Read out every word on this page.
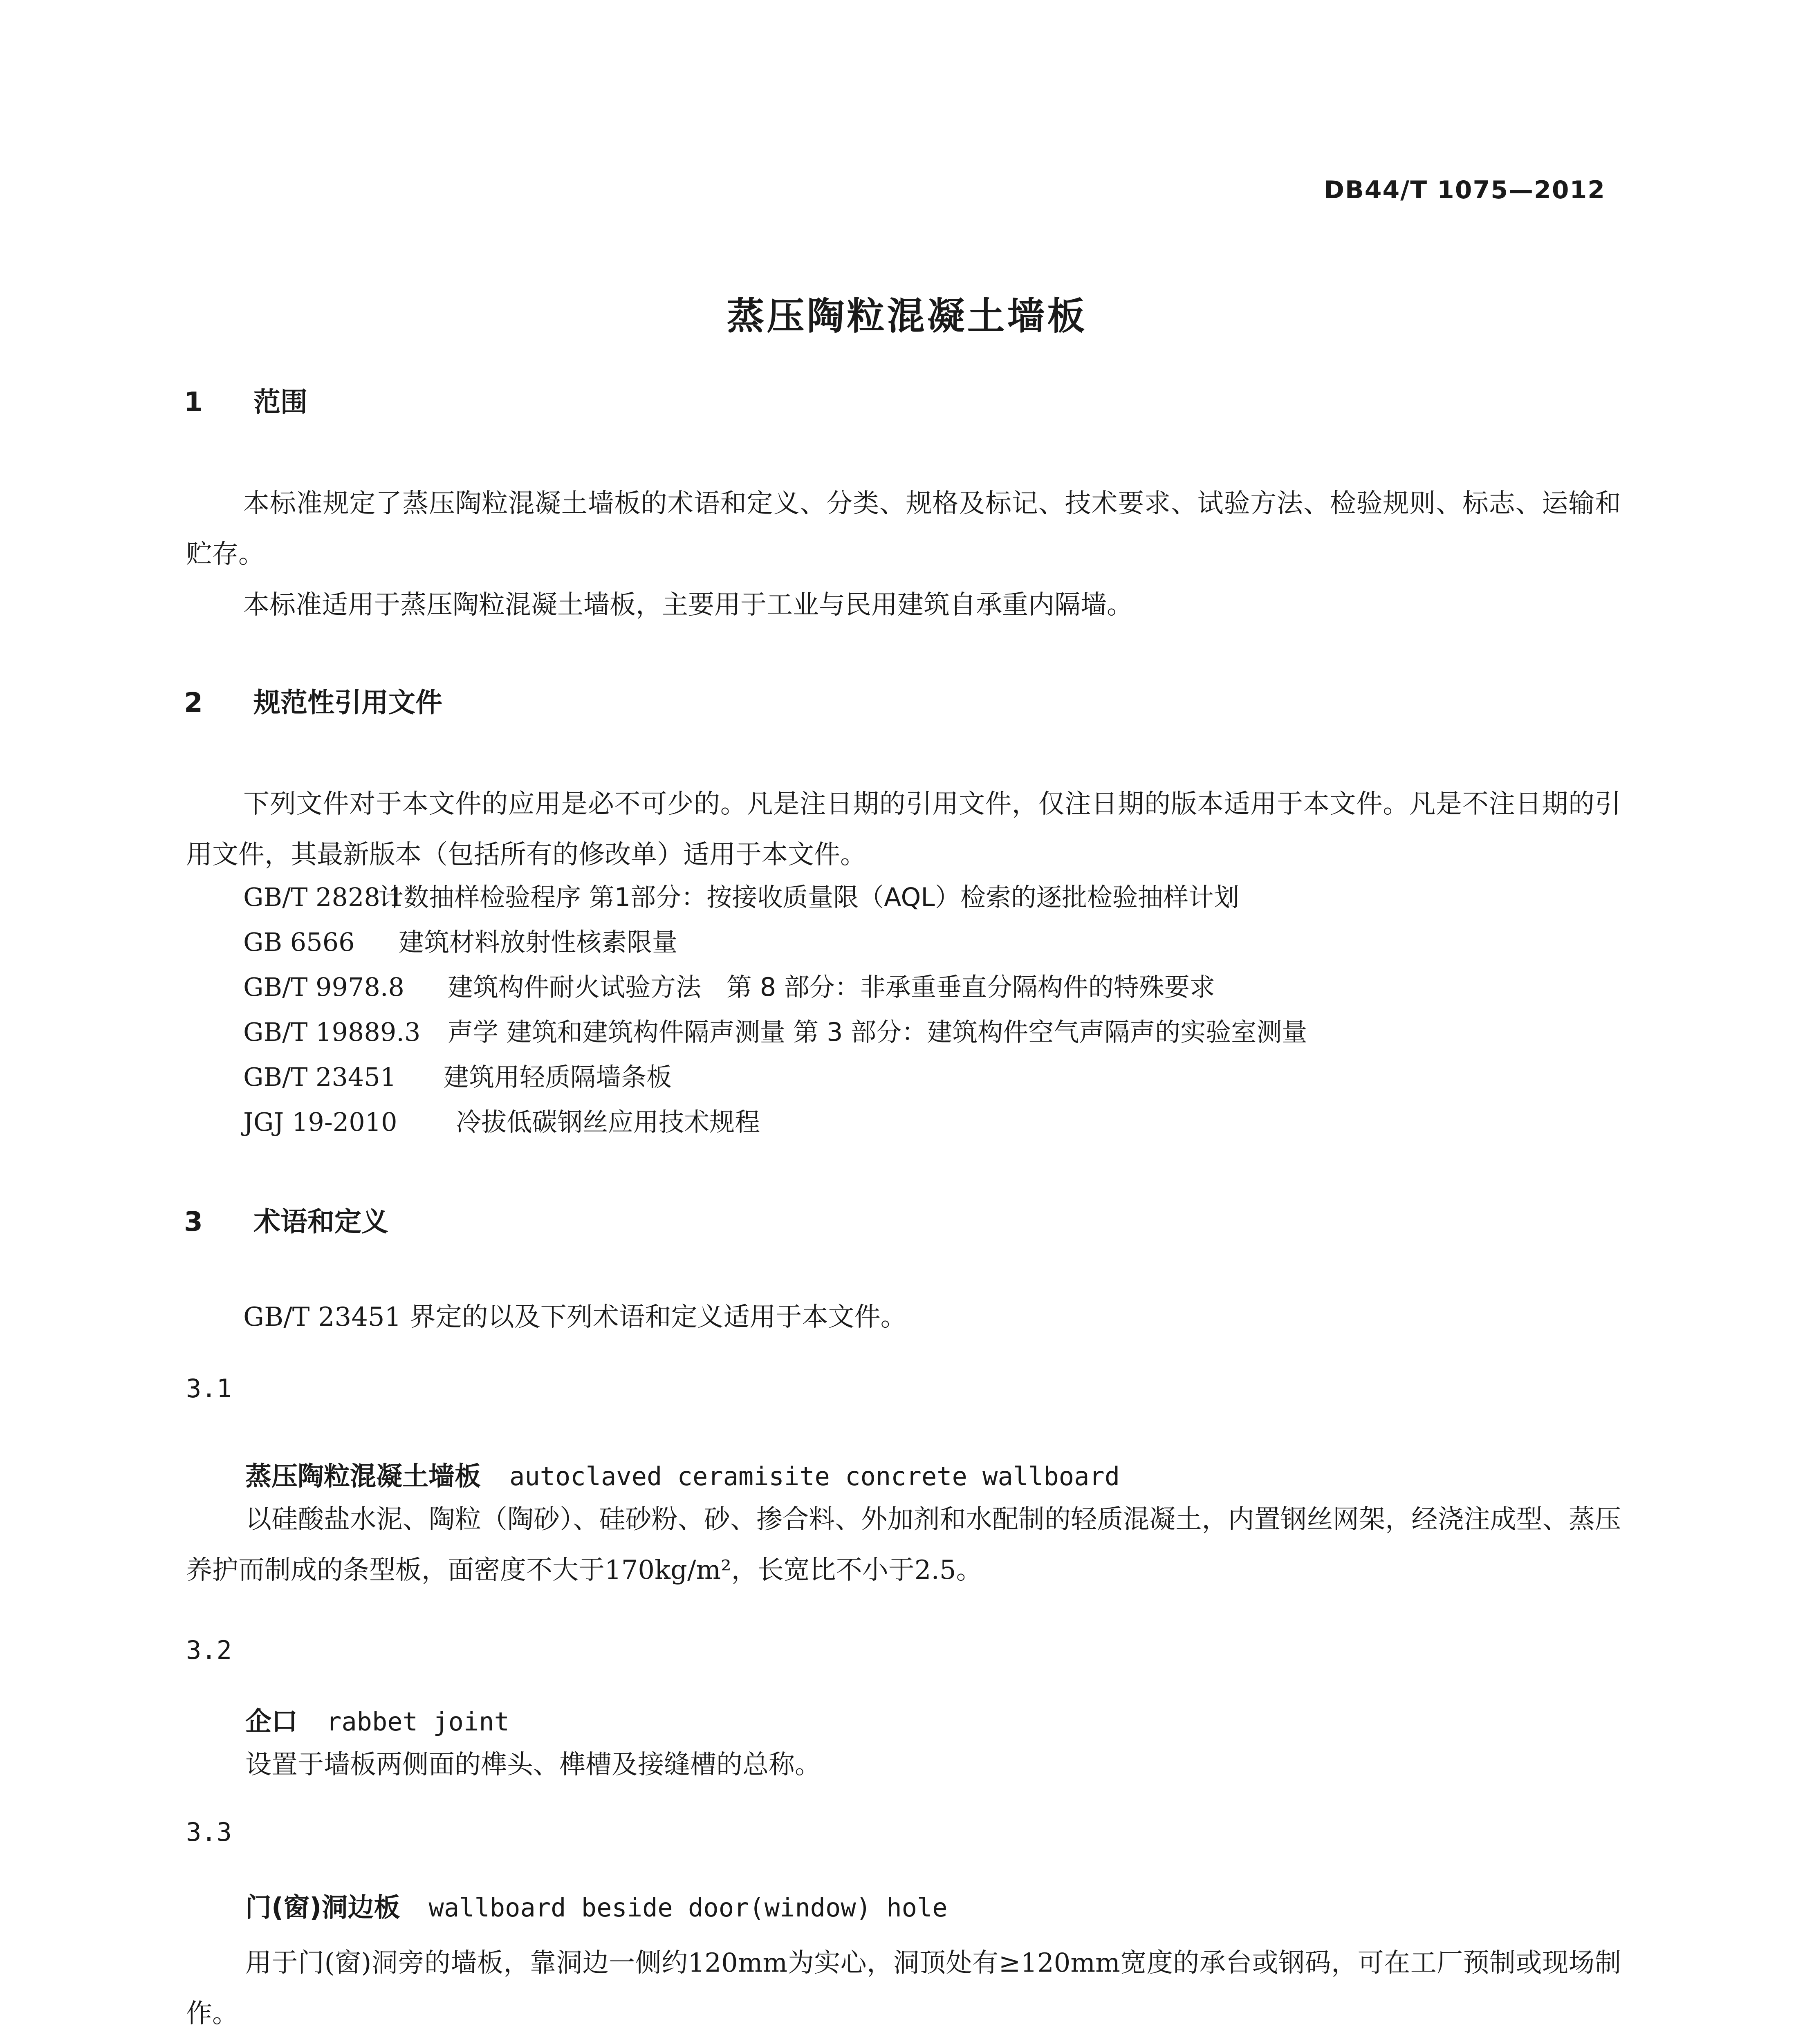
DB44/T 1075—2012
蒸压陶粒混凝土墙板
1 范围
本标准规定了蒸压陶粒混凝土墙板的术语和定义、分类、规格及标记、技术要求、试验方法、检验规则、标志、运输和贮存。
本标准适用于蒸压陶粒混凝土墙板，主要用于工业与民用建筑自承重内隔墙。
2 规范性引用文件
下列文件对于本文件的应用是必不可少的。凡是注日期的引用文件，仅注日期的版本适用于本文件。凡是不注日期的引用文件，其最新版本（包括所有的修改单）适用于本文件。
GB/T 2828.1计数抽样检验程序 第1部分：按接收质量限（AQL）检索的逐批检验抽样计划
GB 6566 建筑材料放射性核素限量
GB/T 9978.8 建筑构件耐火试验方法　第 8 部分：非承重垂直分隔构件的特殊要求
GB/T 19889.3 声学 建筑和建筑构件隔声测量 第 3 部分：建筑构件空气声隔声的实验室测量
GB/T 23451 建筑用轻质隔墙条板
JGJ 19-2010 冷拔低碳钢丝应用技术规程
3 术语和定义
GB/T 23451 界定的以及下列术语和定义适用于本文件。
3.1
蒸压陶粒混凝土墙板 autoclaved ceramisite concrete wallboard
以硅酸盐水泥、陶粒（陶砂）、硅砂粉、砂、掺合料、外加剂和水配制的轻质混凝土，内置钢丝网架，经浇注成型、蒸压养护而制成的条型板，面密度不大于170kg/m²，长宽比不小于2.5。
3.2
企口 rabbet joint
设置于墙板两侧面的榫头、榫槽及接缝槽的总称。
3.3
门(窗)洞边板 wallboard beside door(window) hole
用于门(窗)洞旁的墙板，靠洞边一侧约120mm为实心，洞顶处有≥120mm宽度的承台或钢码，可在工厂预制或现场制作。
